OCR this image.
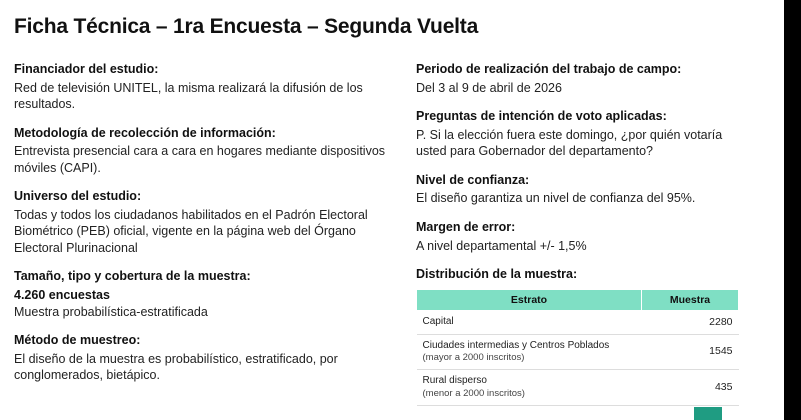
Ficha Técnica – 1ra Encuesta – Segunda Vuelta
Financiador del estudio:
Red de televisión UNITEL, la misma realizará la difusión de los resultados.
Metodología de recolección de información:
Entrevista presencial cara a cara en hogares mediante dispositivos móviles (CAPI).
Universo del estudio:
Todas y todos los ciudadanos habilitados en el Padrón Electoral Biométrico (PEB) oficial, vigente en la página web del Órgano Electoral Plurinacional
Tamaño, tipo y cobertura de la muestra:
4.260 encuestas
Muestra probabilística-estratificada
Método de muestreo:
El diseño de la muestra es probabilístico, estratificado, por conglomerados, bietápico.
Periodo de realización del trabajo de campo:
Del 3 al 9 de abril de 2026
Preguntas de intención de voto aplicadas:
P. Si la elección fuera este domingo, ¿por quién votaría usted para Gobernador del departamento?
Nivel de confianza:
El diseño garantiza un nivel de confianza del 95%.
Margen de error:
A nivel departamental +/- 1,5%
Distribución de la muestra:
Estrato	Muestra
Capital	2280
Ciudades intermedias y Centros Poblados
(mayor a 2000 inscritos)	1545
Rural disperso
(menor a 2000 inscritos)	435
